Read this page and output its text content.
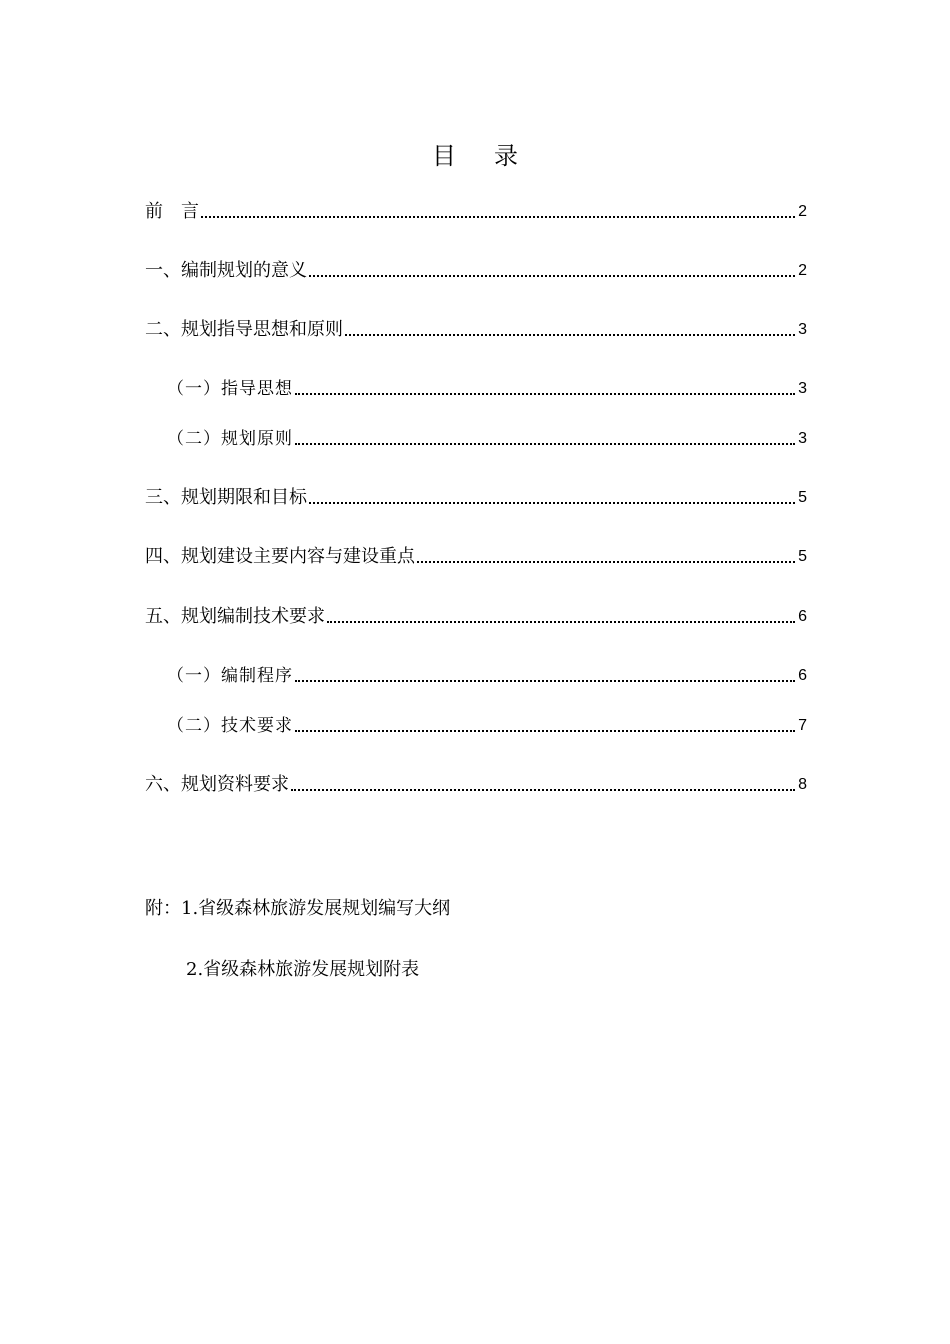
目 录
前　言	2
一、编制规划的意义	2
二、规划指导思想和原则	3
（一）指导思想	3
（二）规划原则	3
三、规划期限和目标	5
四、规划建设主要内容与建设重点	5
五、规划编制技术要求	6
（一）编制程序	6
（二）技术要求	7
六、规划资料要求	8
附：1.省级森林旅游发展规划编写大纲
2.省级森林旅游发展规划附表
